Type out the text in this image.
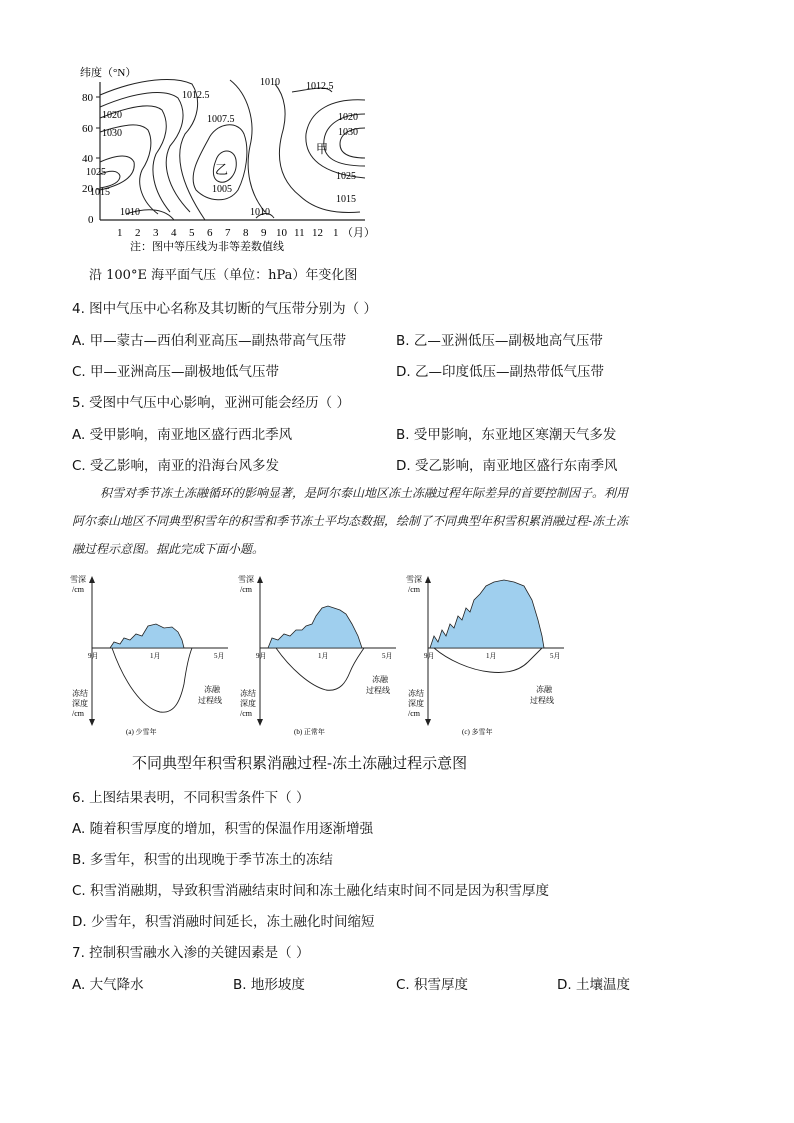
纬度（°N）
80
60
40
20
0
1 2 3 4 5 6 7 8 9 10 11 12 1 （月）
1012.5
1010	1012.5
1007.5
1020
1030
1020
1030
1025
1015
1025
1015
1005
1010	1010
甲
乙
注：图中等压线为非等差数值线
沿 100°E 海平面气压（单位：hPa）年变化图
4. 图中气压中心名称及其切断的气压带分别为（ ）
A. 甲—蒙古—西伯利亚高压—副热带高气压带	B. 乙—亚洲低压—副极地高气压带
C. 甲—亚洲高压—副极地低气压带	D. 乙—印度低压—副热带低气压带
5. 受图中气压中心影响，亚洲可能会经历（ ）
A. 受甲影响，南亚地区盛行西北季风	B. 受甲影响，东亚地区寒潮天气多发
C. 受乙影响，南亚的沿海台风多发	D. 受乙影响，南亚地区盛行东南季风
积雪对季节冻土冻融循环的影响显著，是阿尔泰山地区冻土冻融过程年际差异的首要控制因子。利用
阿尔泰山地区不同典型积雪年的积雪和季节冻土平均态数据，绘制了不同典型年积雪积累消融过程-冻土冻
融过程示意图。据此完成下面小题。
雪深
/cm
9月	1月	5月
冻结
深度
/cm
冻融
过程线
(a) 少雪年
雪深
/cm
9月	1月	5月
冻结
深度
/cm
冻融
过程线
(b) 正常年
雪深
/cm
9月	1月	5月
冻结
深度
/cm
冻融
过程线
(c) 多雪年
不同典型年积雪积累消融过程-冻土冻融过程示意图
6. 上图结果表明，不同积雪条件下（ ）
A. 随着积雪厚度的增加，积雪的保温作用逐渐增强
B. 多雪年，积雪的出现晚于季节冻土的冻结
C. 积雪消融期，导致积雪消融结束时间和冻土融化结束时间不同是因为积雪厚度
D. 少雪年，积雪消融时间延长，冻土融化时间缩短
7. 控制积雪融水入渗的关键因素是（ ）
A. 大气降水	B. 地形坡度	C. 积雪厚度	D. 土壤温度
